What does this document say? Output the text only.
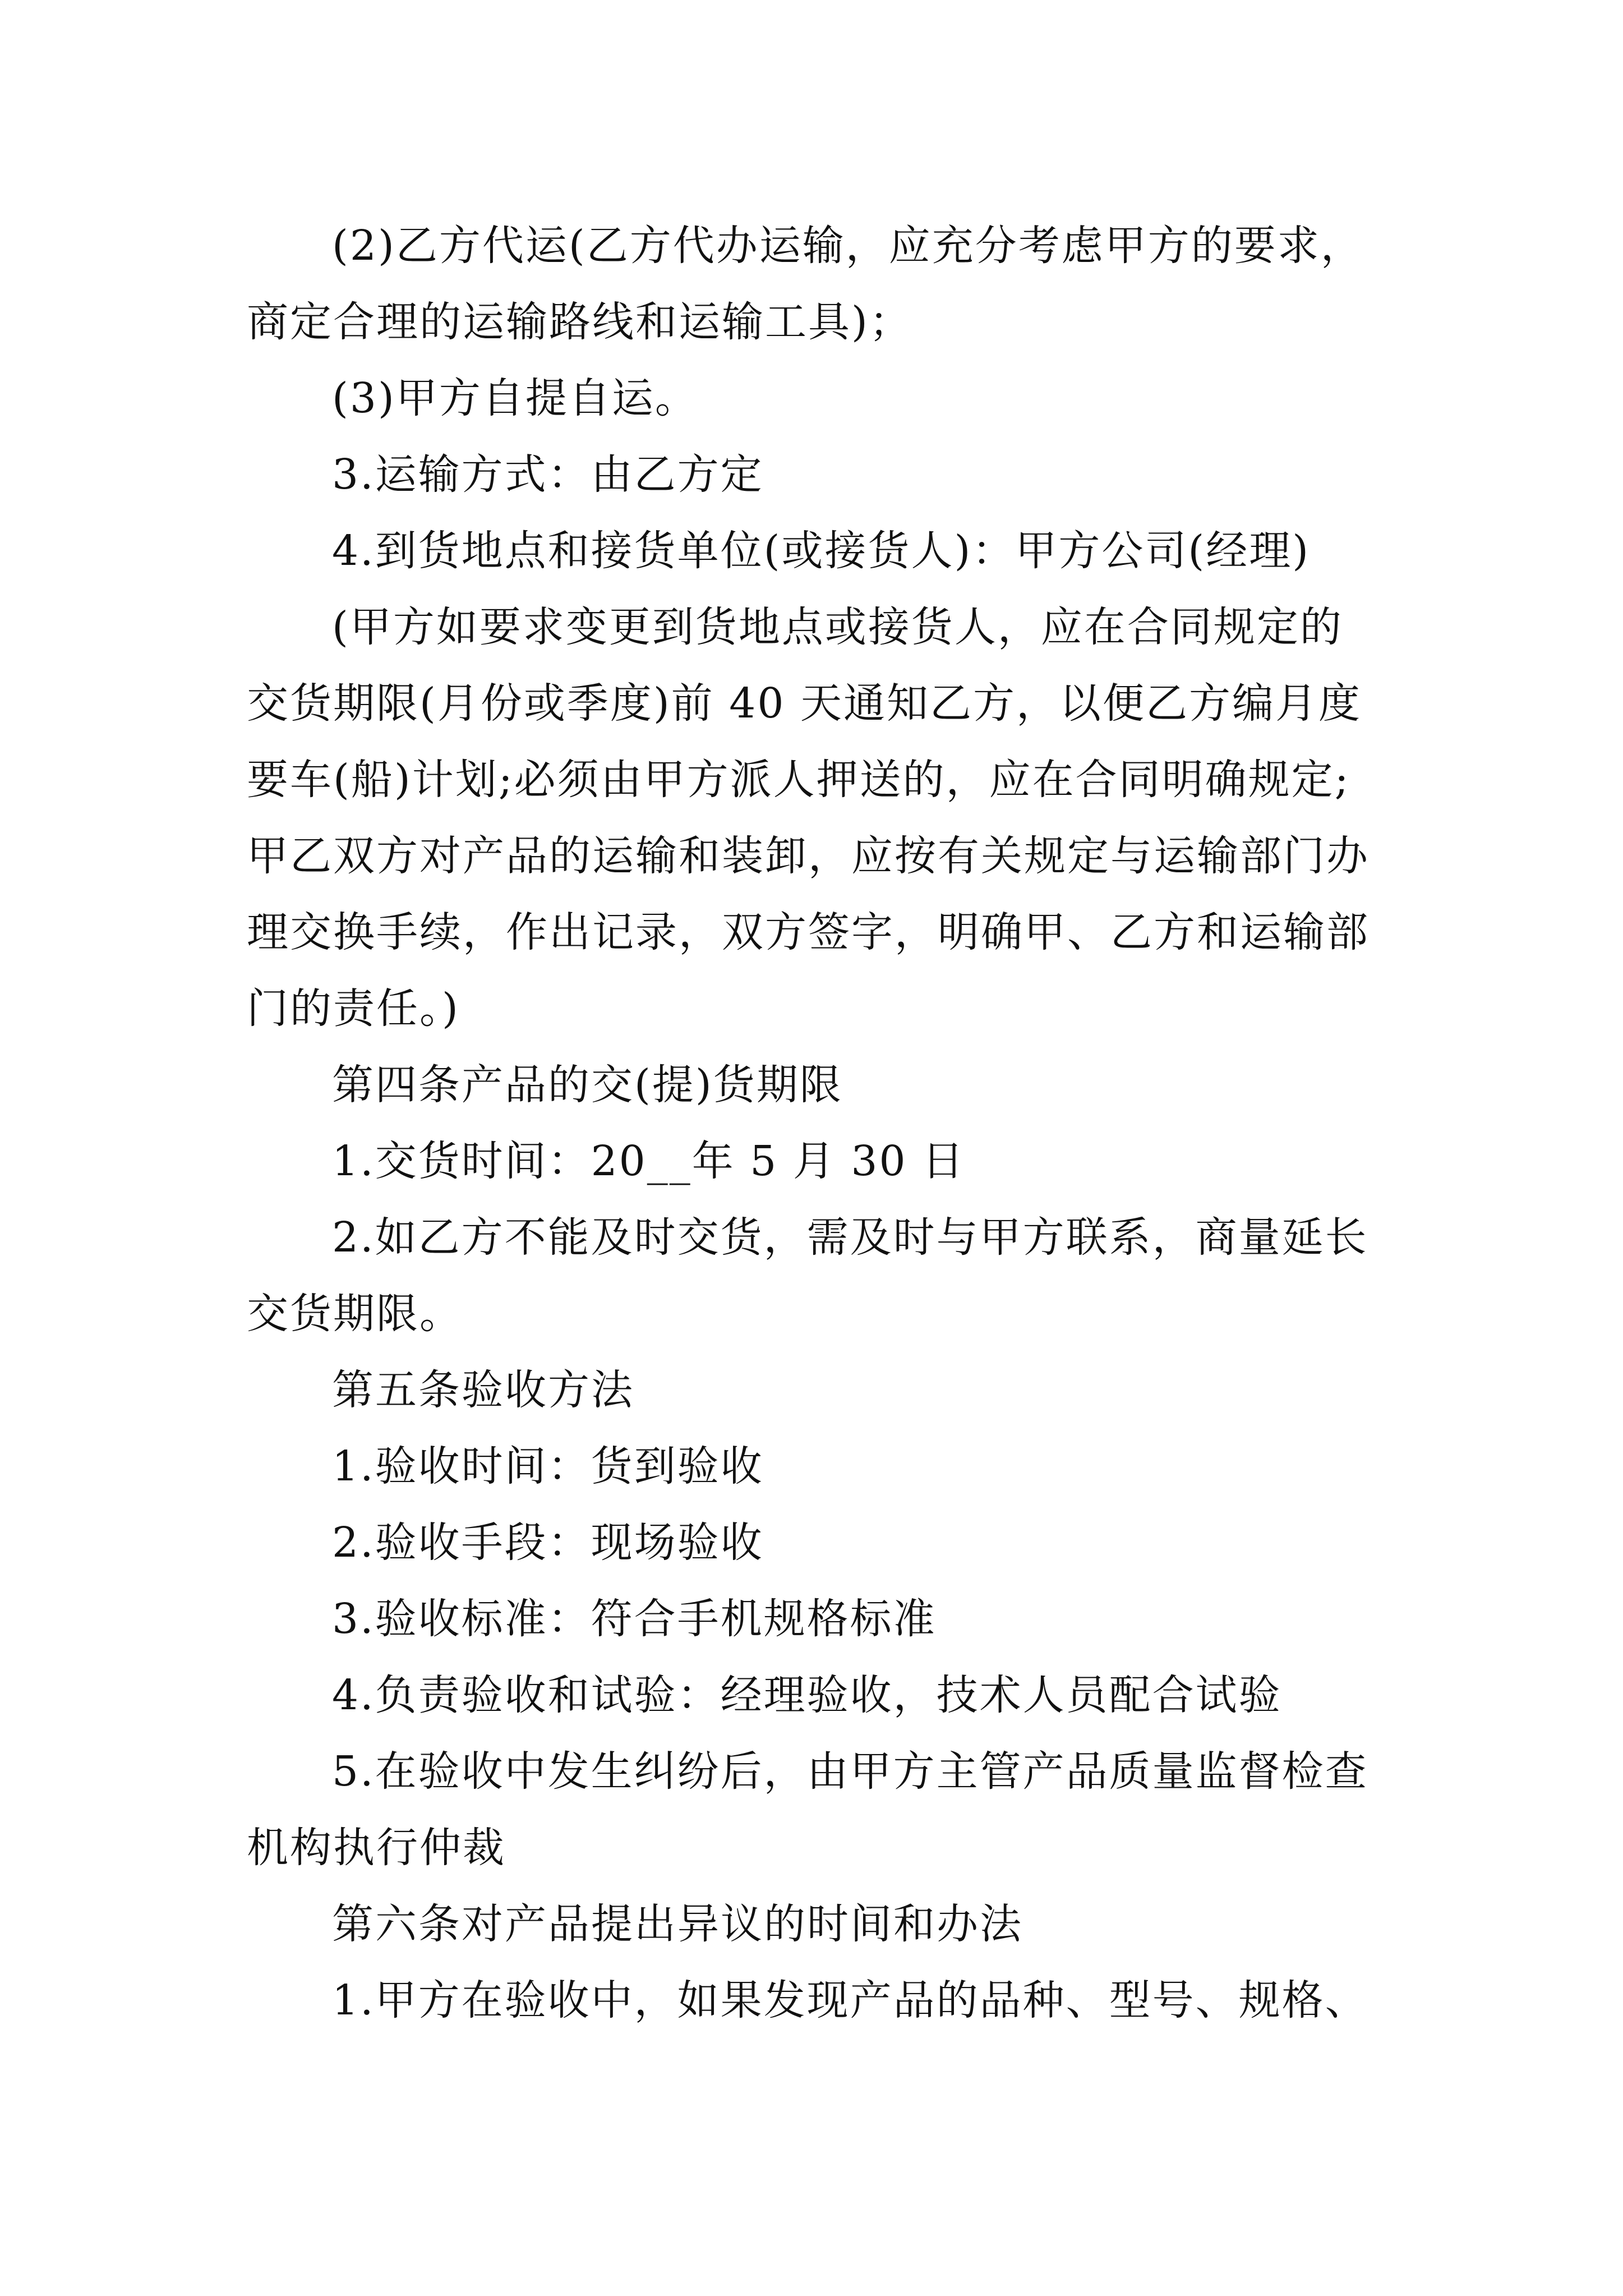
(2)乙方代运(乙方代办运输，应充分考虑甲方的要求，
商定合理的运输路线和运输工具)；
(3)甲方自提自运。
3.运输方式：由乙方定
4.到货地点和接货单位(或接货人)：甲方公司(经理)
(甲方如要求变更到货地点或接货人，应在合同规定的
交货期限(月份或季度)前 40 天通知乙方，以便乙方编月度
要车(船)计划;必须由甲方派人押送的，应在合同明确规定;
甲乙双方对产品的运输和装卸，应按有关规定与运输部门办
理交换手续，作出记录，双方签字，明确甲、乙方和运输部
门的责任。)
第四条产品的交(提)货期限
1.交货时间：20__年 5 月 30 日
2.如乙方不能及时交货，需及时与甲方联系，商量延长
交货期限。
第五条验收方法
1.验收时间：货到验收
2.验收手段：现场验收
3.验收标准：符合手机规格标准
4.负责验收和试验：经理验收，技术人员配合试验
5.在验收中发生纠纷后，由甲方主管产品质量监督检查
机构执行仲裁
第六条对产品提出异议的时间和办法
1.甲方在验收中，如果发现产品的品种、型号、规格、
